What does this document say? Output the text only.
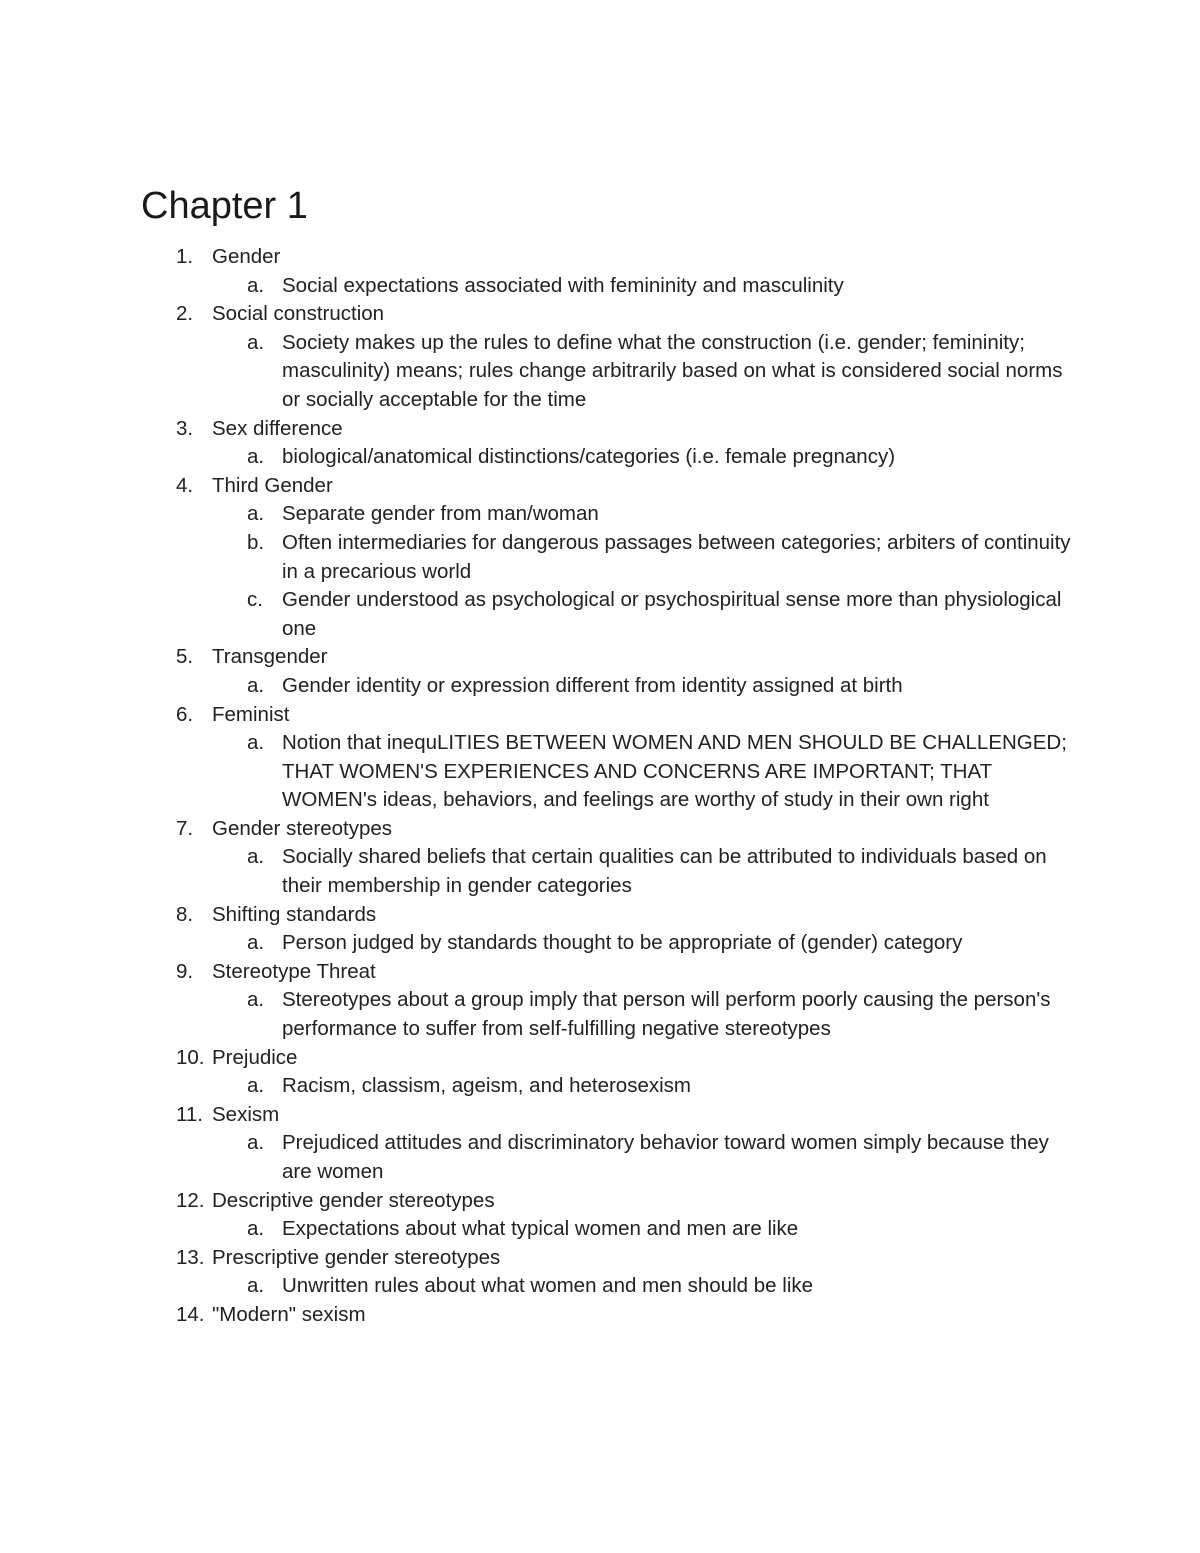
Chapter 1
1. Gender
a. Social expectations associated with femininity and masculinity
2. Social construction
a. Society makes up the rules to define what the construction (i.e. gender; femininity; masculinity) means; rules change arbitrarily based on what is considered social norms or socially acceptable for the time
3. Sex difference
a. biological/anatomical distinctions/categories (i.e. female pregnancy)
4. Third Gender
a. Separate gender from man/woman
b. Often intermediaries for dangerous passages between categories; arbiters of continuity in a precarious world
c. Gender understood as psychological or psychospiritual sense more than physiological one
5. Transgender
a. Gender identity or expression different from identity assigned at birth
6. Feminist
a. Notion that inequLITIES BETWEEN WOMEN AND MEN SHOULD BE CHALLENGED; THAT WOMEN'S EXPERIENCES AND CONCERNS ARE IMPORTANT; THAT WOMEN's ideas, behaviors, and feelings are worthy of study in their own right
7. Gender stereotypes
a. Socially shared beliefs that certain qualities can be attributed to individuals based on their membership in gender categories
8. Shifting standards
a. Person judged by standards thought to be appropriate of (gender) category
9. Stereotype Threat
a. Stereotypes about a group imply that person will perform poorly causing the person's performance to suffer from self-fulfilling negative stereotypes
10. Prejudice
a. Racism, classism, ageism, and heterosexism
11. Sexism
a. Prejudiced attitudes and discriminatory behavior toward women simply because they are women
12. Descriptive gender stereotypes
a. Expectations about what typical women and men are like
13. Prescriptive gender stereotypes
a. Unwritten rules about what women and men should be like
14. "Modern" sexism
